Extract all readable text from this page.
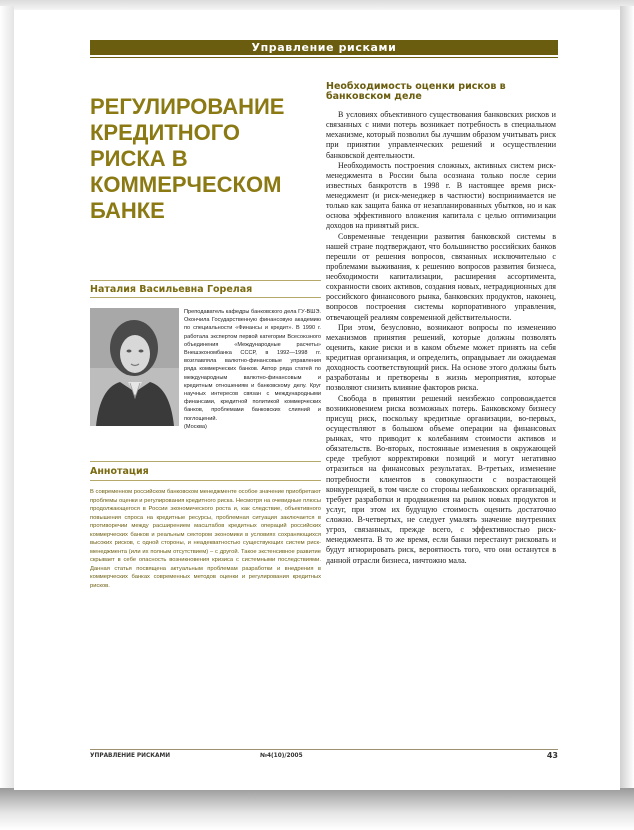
Управление рисками
РЕГУЛИРОВАНИЕ
КРЕДИТНОГО
РИСКА В
КОММЕРЧЕСКОМ
БАНКЕ
Наталия Васильевна Горелая
Преподаватель кафедры банковского дела ГУ-ВШЭ. Окончила Государственную финансовую академию по специальности «Финансы и кредит». В 1990 г. работала экспертом первой категории Всесоюзного объединения «Международные расчеты» Внешэкономбанка СССР, в 1992—1998 гг. возглавляла валютно-финансовые управления ряда коммерческих банков. Автор ряда статей по международным валютно-финансовым и кредитным отношениям и банковскому делу. Круг научных интересов связан с международными финансами, кредитной политикой коммерческих банков, проблемами банковских слияний и поглощений.
(Москва)
Аннотация
В современном российском банковском менеджменте особое значение приобретают проблемы оценки и регулирования кредитного риска. Несмотря на очевидные плюсы продолжающегося в России экономического роста и, как следствие, объективного повышения спроса на кредитные ресурсы, проблемная ситуация заключается в противоречии между расширением масштабов кредитных операций российских коммерческих банков и реальным сектором экономики в условиях сохраняющихся высоких рисков, с одной стороны, и неадекватностью существующих систем риск-менеджмента (или их полным отсутствием) – с другой. Такое экстенсивное развитие скрывает в себе опасность возникновения кризиса с системными последствиями. Данная статья посвящена актуальным проблемам разработки и внедрения в коммерческих банках современных методов оценки и регулирования кредитных рисков.
Необходимость оценки рисков в банковском деле

В условиях объективного существования банковских рисков и связанных с ними потерь возникает потребность в специальном механизме, который позволил бы лучшим образом учитывать риск при принятии управленческих решений и осуществлении банковской деятельности.

Необходимость построения сложных, активных систем риск-менеджмента в России была осознана только после серии известных банкротств в 1998 г. В настоящее время риск-менеджмент (и риск-менеджер в частности) воспринимается не только как защита банка от незапланированных убытков, но и как основа эффективного вложения капитала с целью оптимизации доходов на принятый риск.

Современные тенденции развития банковской системы в нашей стране подтверждают, что большинство российских банков перешли от решения вопросов, связанных исключительно с проблемами выживания, к решению вопросов развития бизнеса, необходимости капитализации, расширения ассортимента, сохранности своих активов, создания новых, нетрадиционных для российского финансового рынка, банковских продуктов, наконец, вопросов построения системы корпоративного управления, отвечающей реалиям современной действительности.

При этом, безусловно, возникают вопросы по изменению механизмов принятия решений, которые должны позволять оценить, какие риски и в каком объеме может принять на себя кредитная организация, и определить, оправдывает ли ожидаемая доходность соответствующий риск. На основе этого должны быть разработаны и претворены в жизнь мероприятия, которые позволяют снизить влияние факторов риска.

Свобода в принятии решений неизбежно сопровождается возникновением риска возможных потерь. Банковскому бизнесу присущ риск, поскольку кредитные организации, во-первых, осуществляют в большом объеме операции на финансовых рынках, что приводит к колебаниям стоимости активов и обязательств. Во-вторых, постоянные изменения в окружающей среде требуют корректировки позиций и могут негативно отразиться на финансовых результатах. В-третьих, изменение потребности клиентов в совокупности с возрастающей конкуренцией, в том числе со стороны небанковских организаций, требует разработки и продвижения на рынок новых продуктов и услуг, при этом их будущую стоимость оценить достаточно сложно. В-четвертых, не следует умалять значение внутренних угроз, связанных, прежде всего, с эффективностью риск-менеджмента. В то же время, если банки перестанут рисковать и будут игнорировать риск, вероятность того, что они останутся в данной отрасли бизнеса, ничтожно мала.

УПРАВЛЕНИЕ РИСКАМИ	№4(10)/2005	43
